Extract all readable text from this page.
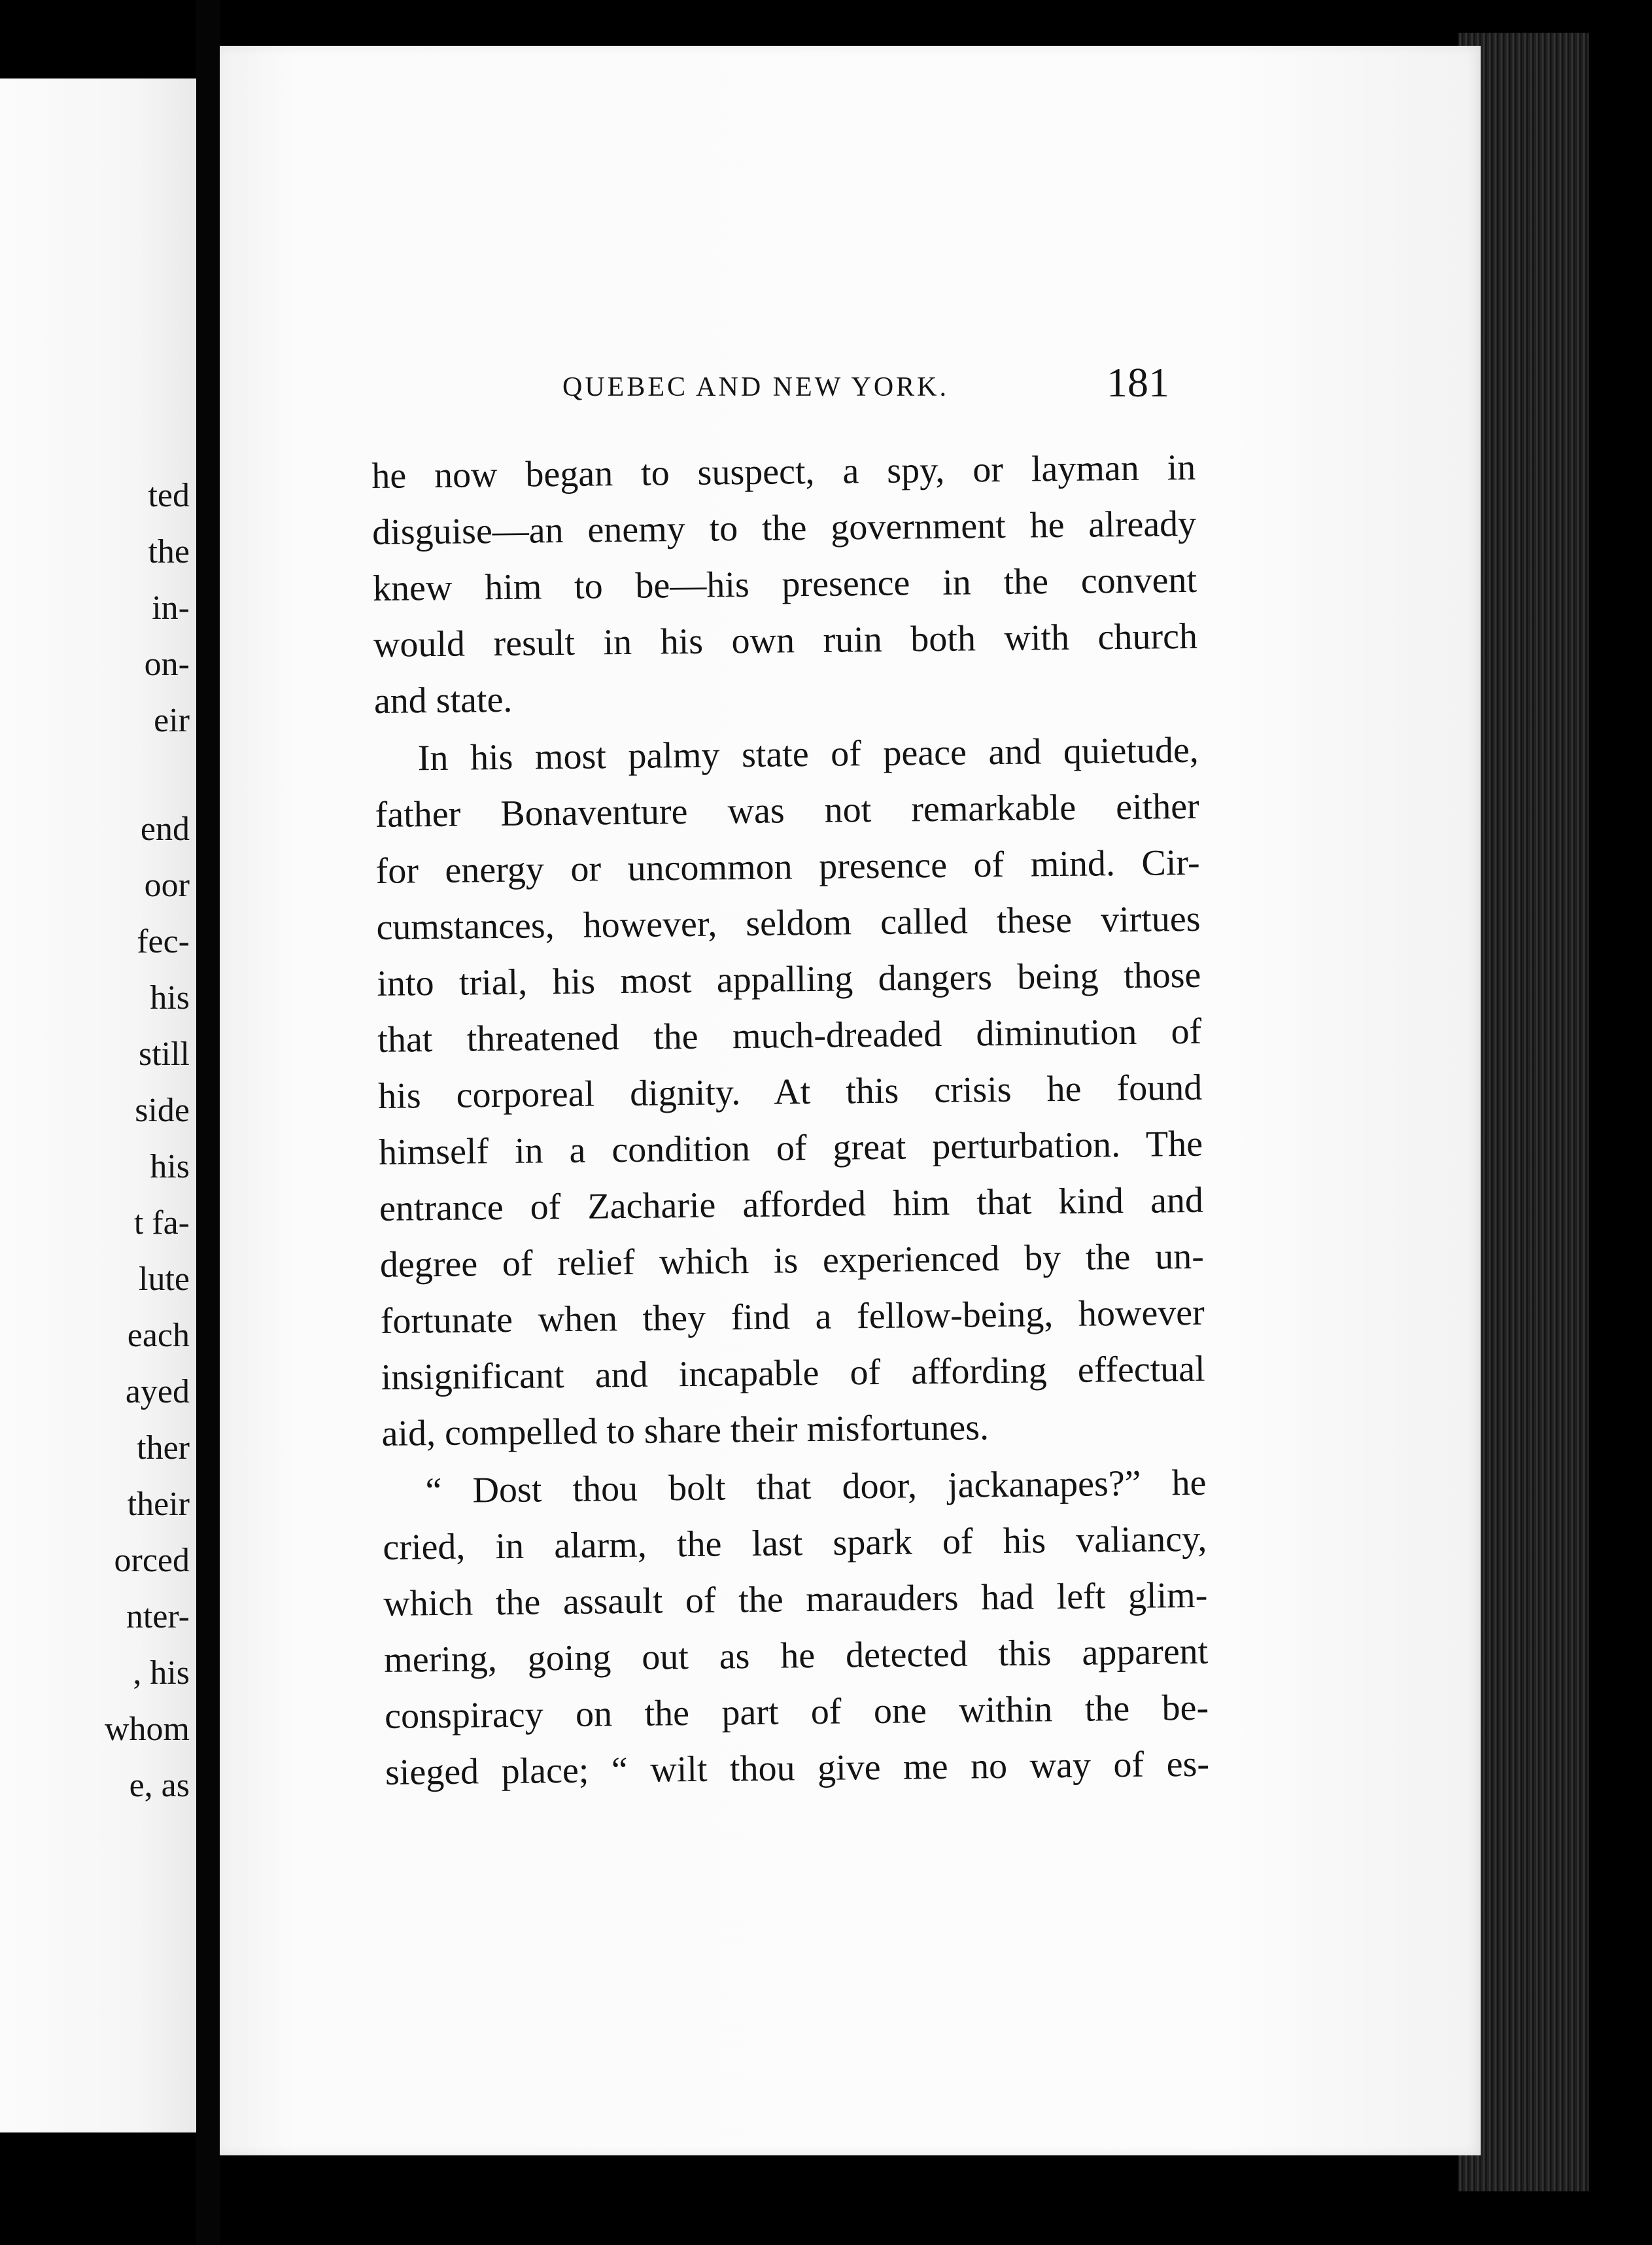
ted
the
in-
on-
eir
end
oor
fec-
his
still
side
his
t fa-
lute
each
ayed
ther
their
orced
nter-
, his
whom
e, as
QUEBEC AND NEW YORK.	181
he now began to suspect, a spy, or layman in
disguise—an enemy to the government he already
knew him to be—his presence in the convent
would result in his own ruin both with church
and state.
In his most palmy state of peace and quietude,
father Bonaventure was not remarkable either
for energy or uncommon presence of mind. Cir-
cumstances, however, seldom called these virtues
into trial, his most appalling dangers being those
that threatened the much-dreaded diminution of
his corporeal dignity. At this crisis he found
himself in a condition of great perturbation. The
entrance of Zacharie afforded him that kind and
degree of relief which is experienced by the un-
fortunate when they find a fellow-being, however
insignificant and incapable of affording effectual
aid, compelled to share their misfortunes.
“ Dost thou bolt that door, jackanapes?” he
cried, in alarm, the last spark of his valiancy,
which the assault of the marauders had left glim-
mering, going out as he detected this apparent
conspiracy on the part of one within the be-
sieged place; “ wilt thou give me no way of es-
